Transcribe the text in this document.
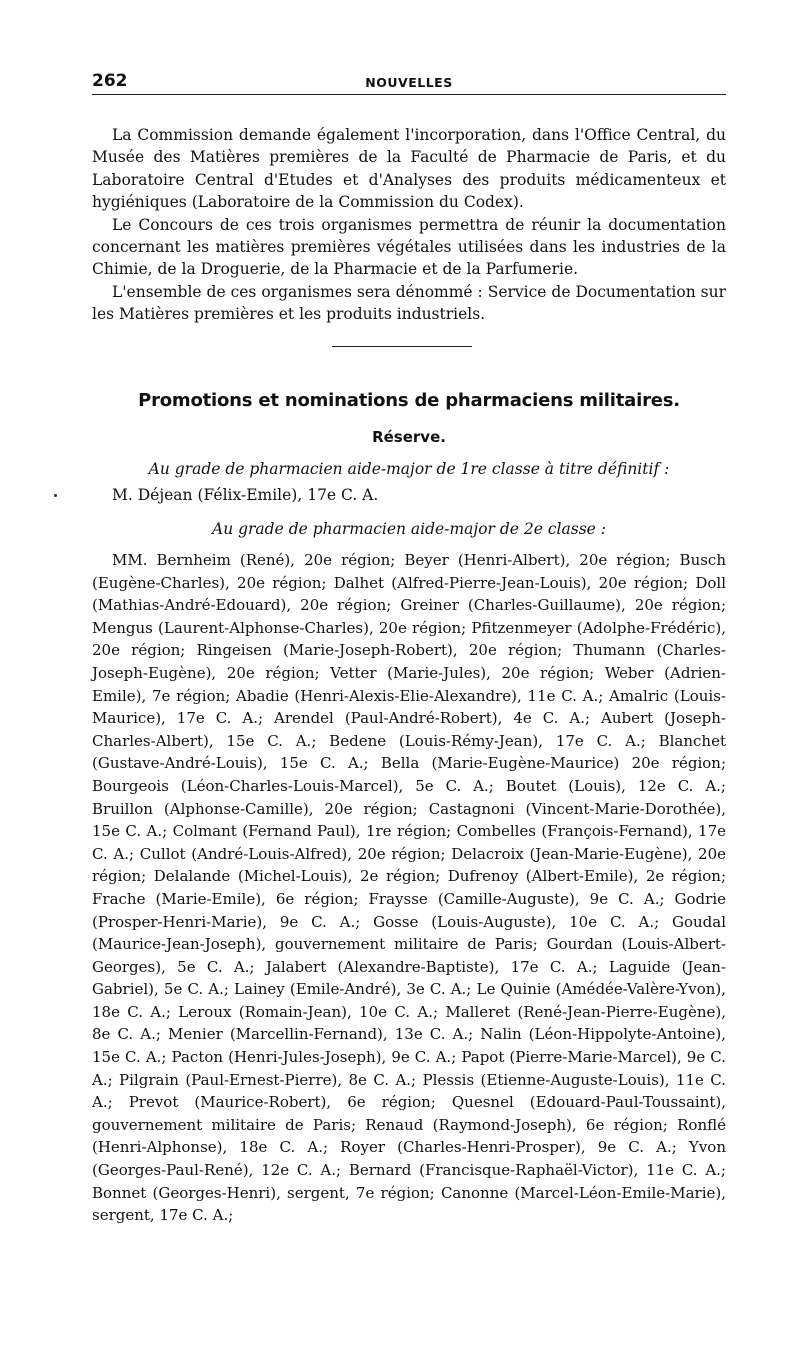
262	NOUVELLES

La Commission demande également l'incorporation, dans l'Office Central, du Musée des Matières premières de la Faculté de Pharmacie de Paris, et du Laboratoire Central d'Etudes et d'Analyses des produits médicamenteux et hygiéniques (Laboratoire de la Commission du Codex).

Le Concours de ces trois organismes permettra de réunir la documentation concernant les matières premières végétales utilisées dans les industries de la Chimie, de la Droguerie, de la Pharmacie et de la Parfumerie.

L'ensemble de ces organismes sera dénommé : Service de Documentation sur les Matières premières et les produits industriels.

Promotions et nominations de pharmaciens militaires.
Réserve.
Au grade de pharmacien aide-major de 1re classe à titre définitif :
M. Déjean (Félix-Emile), 17e C. A.
Au grade de pharmacien aide-major de 2e classe :
MM. Bernheim (René), 20e région; Beyer (Henri-Albert), 20e région; Busch (Eugène-Charles), 20e région; Dalhet (Alfred-Pierre-Jean-Louis), 20e région; Doll (Mathias-André-Edouard), 20e région; Greiner (Charles-Guillaume), 20e région; Mengus (Laurent-Alphonse-Charles), 20e région; Pfitzenmeyer (Adolphe-Frédéric), 20e région; Ringeisen (Marie-Joseph-Robert), 20e région; Thumann (Charles-Joseph-Eugène), 20e région; Vetter (Marie-Jules), 20e région; Weber (Adrien-Emile), 7e région; Abadie (Henri-Alexis-Elie-Alexandre), 11e C. A.; Amalric (Louis-Maurice), 17e C. A.; Arendel (Paul-André-Robert), 4e C. A.; Aubert (Joseph-Charles-Albert), 15e C. A.; Bedene (Louis-Rémy-Jean), 17e C. A.; Blanchet (Gustave-André-Louis), 15e C. A.; Bella (Marie-Eugène-Maurice) 20e région; Bourgeois (Léon-Charles-Louis-Marcel), 5e C. A.; Boutet (Louis), 12e C. A.; Bruillon (Alphonse-Camille), 20e région; Castagnoni (Vincent-Marie-Dorothée), 15e C. A.; Colmant (Fernand Paul), 1re région; Combelles (François-Fernand), 17e C. A.; Cullot (André-Louis-Alfred), 20e région; Delacroix (Jean-Marie-Eugène), 20e région; Delalande (Michel-Louis), 2e région; Dufrenoy (Albert-Emile), 2e région; Frache (Marie-Emile), 6e région; Fraysse (Camille-Auguste), 9e C. A.; Godrie (Prosper-Henri-Marie), 9e C. A.; Gosse (Louis-Auguste), 10e C. A.; Goudal (Maurice-Jean-Joseph), gouvernement militaire de Paris; Gourdan (Louis-Albert-Georges), 5e C. A.; Jalabert (Alexandre-Baptiste), 17e C. A.; Laguide (Jean-Gabriel), 5e C. A.; Lainey (Emile-André), 3e C. A.; Le Quinie (Amédée-Valère-Yvon), 18e C. A.; Leroux (Romain-Jean), 10e C. A.; Malleret (René-Jean-Pierre-Eugène), 8e C. A.; Menier (Marcellin-Fernand), 13e C. A.; Nalin (Léon-Hippolyte-Antoine), 15e C. A.; Pacton (Henri-Jules-Joseph), 9e C. A.; Papot (Pierre-Marie-Marcel), 9e C. A.; Pilgrain (Paul-Ernest-Pierre), 8e C. A.; Plessis (Etienne-Auguste-Louis), 11e C. A.; Prevot (Maurice-Robert), 6e région; Quesnel (Edouard-Paul-Toussaint), gouvernement militaire de Paris; Renaud (Raymond-Joseph), 6e région; Ronflé (Henri-Alphonse), 18e C. A.; Royer (Charles-Henri-Prosper), 9e C. A.; Yvon (Georges-Paul-René), 12e C. A.; Bernard (Francisque-Raphaël-Victor), 11e C. A.; Bonnet (Georges-Henri), sergent, 7e région; Canonne (Marcel-Léon-Emile-Marie), sergent, 17e C. A.;
